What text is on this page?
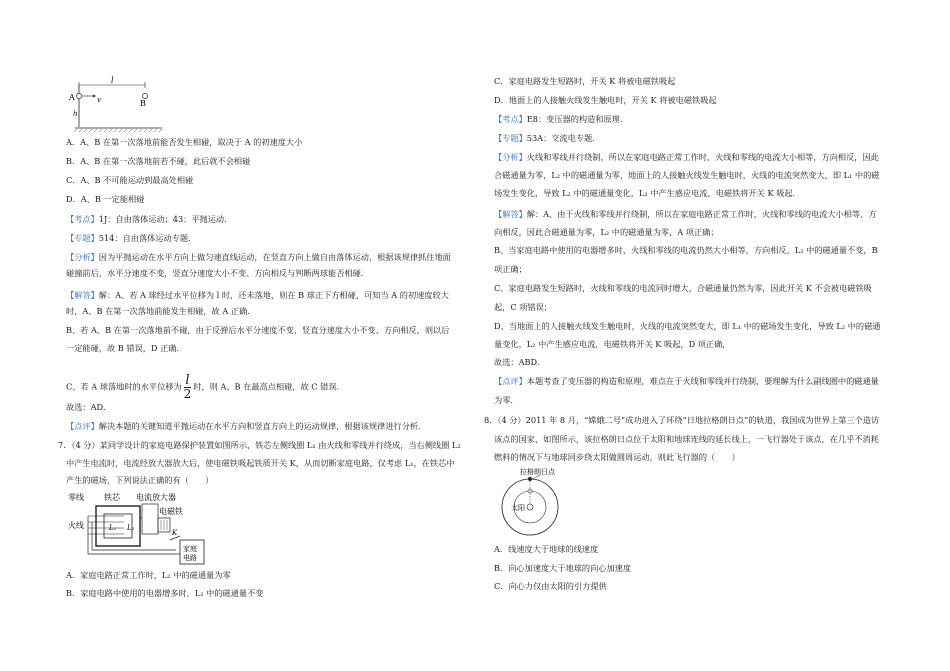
A
B
l
v
h
A．A、B 在第一次落地前能否发生相碰，取决于 A 的初速度大小
B．A、B 在第一次落地前若不碰，此后就不会相碰
C．A、B 不可能运动到最高处相碰
D．A、B 一定能相碰
【考点】1J：自由落体运动；43：平抛运动．
【专题】514：自由落体运动专题．
【分析】因为平抛运动在水平方向上做匀速直线运动，在竖直方向上做自由落体运动，根据该规律抓住地面
碰撞前后，水平分速度不变，竖直分速度大小不变、方向相反与判断两球能否相碰．
【解答】解：A、若 A 球经过水平位移为 l 时，还未落地，则在 B 球正下方相碰，可知当 A 的初速度较大
时，A、B 在第一次落地前能发生相碰，故 A 正确．
B、若 A、B 在第一次落地前不碰，由于反弹后水平分速度不变，竖直分速度大小不变、方向相反，则以后
一定能碰，故 B 错误，D 正确．
C、若 A 球落地时的水平位移为 $\frac{l}{2}$ 时，则 A、B 在最高点相碰，故 C 错误．
故选：AD．
【点评】解决本题的关键知道平抛运动在水平方向和竖直方向上的运动规律，根据该规律进行分析．
7．（4 分）某同学设计的家庭电路保护装置如图所示，铁芯左侧线圈 L₁ 由火线和零线并行绕成，当右侧线圈 L₂
中产生电流时，电流经放大器放大后，使电磁铁吸起铁质开关 K，从而切断家庭电路，仅考虑 L₁，在铁芯中
产生的磁场，下列说法正确的有（　　）
零线	铁芯 电流放大器
火线
电磁铁
L₁ L₂
K
家庭
电路
A．家庭电路正常工作时，L₂ 中的磁通量为零
B．家庭电路中使用的电器增多时，L₂ 中的磁通量不变
C．家庭电路发生短路时，开关 K 将被电磁铁吸起
D．地面上的人接触火线发生触电时，开关 K 将被电磁铁吸起
【考点】E8：变压器的构造和原理．
【专题】53A：交流电专题．
【分析】火线和零线并行绕制，所以在家庭电路正常工作时，火线和零线的电流大小相等，方向相反，因此
合磁通量为零，L₂ 中的磁通量为零，地面上的人接触火线发生触电时，火线的电流突然变大，即 L₁ 中的磁
场发生变化，导致 L₂ 中的磁通量变化，L₂ 中产生感应电流，电磁铁将开关 K 吸起．
【解答】解：A、由于火线和零线并行绕制，所以在家庭电路正常工作时，火线和零线的电流大小相等、方
向相反，因此合磁通量为零，L₂ 中的磁通量为零，A 项正确；
B、当家庭电路中使用的电器增多时，火线和零线的电流仍然大小相等，方向相反，L₂ 中的磁通量不变，B
项正确；
C、家庭电路发生短路时，火线和零线的电流同时增大，合磁通量仍然为零，因此开关 K 不会被电磁铁吸
起，C 项错误；
D、当地面上的人接触火线发生触电时，火线的电流突然变大，即 L₁ 中的磁场发生变化，导致 L₂ 中的磁通
量变化，L₂ 中产生感应电流，电磁铁将开关 K 吸起，D 项正确，
故选：ABD．
【点评】本题考查了变压器的构造和原理，难点在于火线和零线并行绕制，要理解为什么副线圈中的磁通量
为零．
8．（4 分）2011 年 8 月，“嫦娥二号”成功进入了环绕“日地拉格朗日点”的轨道，我国成为世界上第三个造访
该点的国家，如图所示，该拉格朗日点位于太阳和地球连线的延长线上，一飞行器处于该点，在几乎不消耗
燃料的情况下与地球同步绕太阳做圆周运动，则此飞行器的（　　）
拉格朗日点
太阳
A．线速度大于地球的线速度
B．向心加速度大于地球的向心加速度
C．向心力仅由太阳的引力提供
